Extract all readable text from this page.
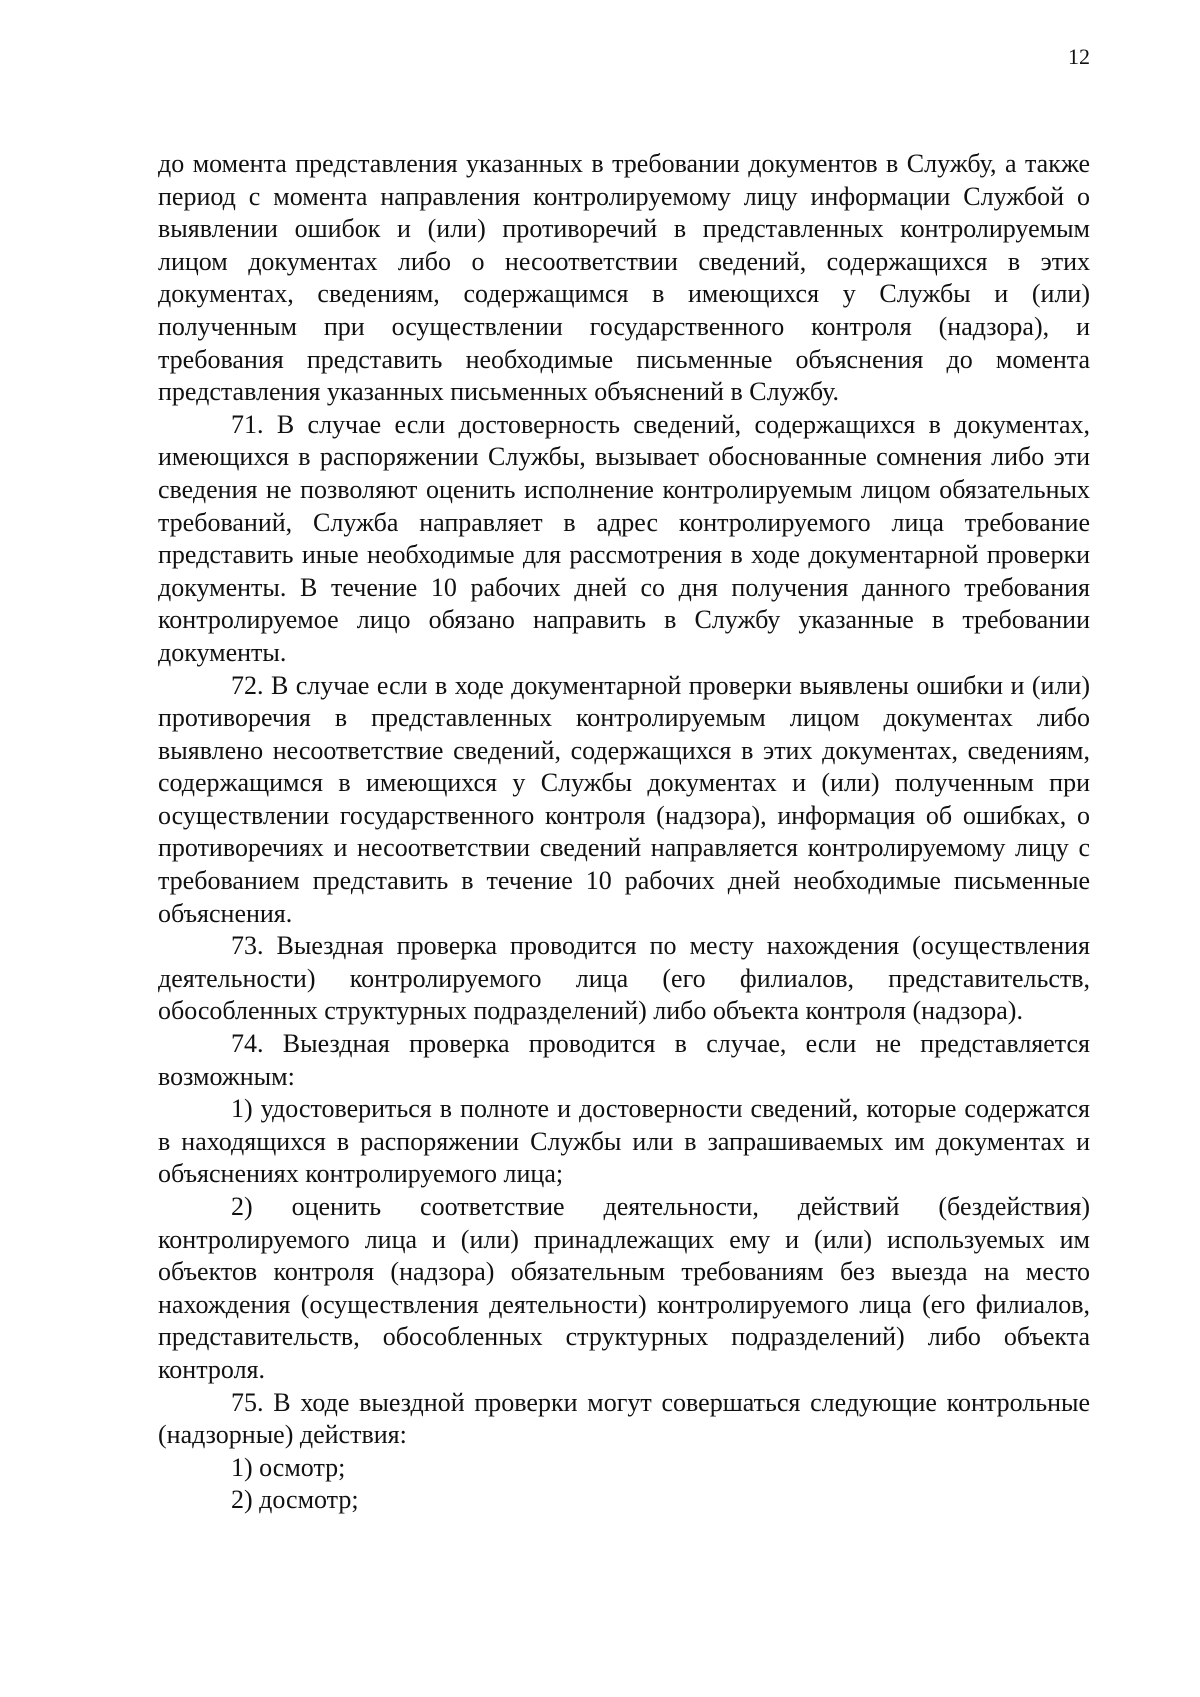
12

до момента представления указанных в требовании документов в Службу, а также период с момента направления контролируемому лицу информации Службой о выявлении ошибок и (или) противоречий в представленных контролируемым лицом документах либо о несоответствии сведений, содержащихся в этих документах, сведениям, содержащимся в имеющихся у Службы и (или) полученным при осуществлении государственного контроля (надзора), и требования представить необходимые письменные объяснения до момента представления указанных письменных объяснений в Службу.

71. В случае если достоверность сведений, содержащихся в документах, имеющихся в распоряжении Службы, вызывает обоснованные сомнения либо эти сведения не позволяют оценить исполнение контролируемым лицом обязательных требований, Служба направляет в адрес контролируемого лица требование представить иные необходимые для рассмотрения в ходе документарной проверки документы. В течение 10 рабочих дней со дня получения данного требования контролируемое лицо обязано направить в Службу указанные в требовании документы.

72. В случае если в ходе документарной проверки выявлены ошибки и (или) противоречия в представленных контролируемым лицом документах либо выявлено несоответствие сведений, содержащихся в этих документах, сведениям, содержащимся в имеющихся у Службы документах и (или) полученным при осуществлении государственного контроля (надзора), информация об ошибках, о противоречиях и несоответствии сведений направляется контролируемому лицу с требованием представить в течение 10 рабочих дней необходимые письменные объяснения.

73. Выездная проверка проводится по месту нахождения (осуществления деятельности) контролируемого лица (его филиалов, представительств, обособленных структурных подразделений) либо объекта контроля (надзора).

74. Выездная проверка проводится в случае, если не представляется возможным:

1) удостовериться в полноте и достоверности сведений, которые содержатся в находящихся в распоряжении Службы или в запрашиваемых им документах и объяснениях контролируемого лица;

2) оценить соответствие деятельности, действий (бездействия) контролируемого лица и (или) принадлежащих ему и (или) используемых им объектов контроля (надзора) обязательным требованиям без выезда на место нахождения (осуществления деятельности) контролируемого лица (его филиалов, представительств, обособленных структурных подразделений) либо объекта контроля.

75. В ходе выездной проверки могут совершаться следующие контрольные (надзорные) действия:

1) осмотр;

2) досмотр;
